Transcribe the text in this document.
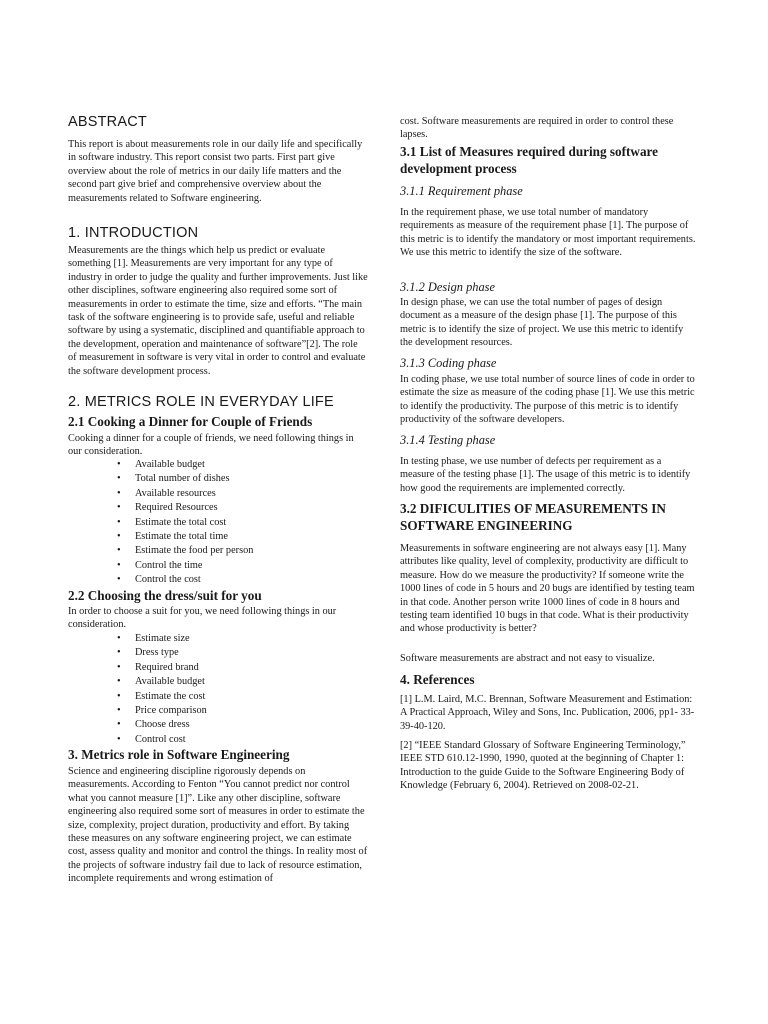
ABSTRACT

This report is about measurements role in our daily life and specifically in software industry. This report consist two parts. First part give overview about the role of metrics in our daily life matters and the second part give brief and comprehensive overview about the measurements related to Software engineering.

1. INTRODUCTION

Measurements are the things which help us predict or evaluate something [1]. Measurements are very important for any type of industry in order to judge the quality and further improvements. Just like other disciplines, software engineering also required some sort of measurements in order to estimate the time, size and efforts. “The main task of the software engineering is to provide safe, useful and reliable software by using a systematic, disciplined and quantifiable approach to the development, operation and maintenance of software”[2]. The role of measurement in software is very vital in order to control and evaluate the software development process.

2. METRICS ROLE IN EVERYDAY LIFE
2.1 Cooking a Dinner for Couple of Friends

Cooking a dinner for a couple of friends, we need following things in our consideration.

• Available budget
• Total number of dishes
• Available resources
• Required Resources
• Estimate the total cost
• Estimate the total time
• Estimate the food per person
• Control the time
• Control the cost
2.2 Choosing the dress/suit for you

In order to choose a suit for you, we need following things in our consideration.

• Estimate size
• Dress type
• Required brand
• Available budget
• Estimate the cost
• Price comparison
• Choose dress
• Control cost
3. Metrics role in Software Engineering

Science and engineering discipline rigorously depends on measurements. According to Fenton “You cannot predict nor control what you cannot measure [1]”. Like any other discipline, software engineering also required some sort of measures in order to estimate the size, complexity, project duration, productivity and effort. By taking these measures on any software engineering project, we can estimate cost, assess quality and monitor and control the things. In reality most of the projects of software industry fail due to lack of resource estimation, incomplete requirements and wrong estimation of

cost. Software measurements are required in order to control these lapses.

3.1 List of Measures required during software development process
3.1.1 Requirement phase

In the requirement phase, we use total number of mandatory requirements as measure of the requirement phase [1]. The purpose of this metric is to identify the mandatory or most important requirements. We use this metric to identify the size of the software.

3.1.2 Design phase

In design phase, we can use the total number of pages of design document as a measure of the design phase [1]. The purpose of this metric is to identify the size of project. We use this metric to identify the development resources.

3.1.3 Coding phase

In coding phase, we use total number of source lines of code in order to estimate the size as measure of the coding phase [1]. We use this metric to identify the productivity. The purpose of this metric is to identify productivity of the software developers.

3.1.4 Testing phase

In testing phase, we use number of defects per requirement as a measure of the testing phase [1]. The usage of this metric is to identify how good the requirements are implemented correctly.

3.2 DIFICULITIES OF MEASUREMENTS IN SOFTWARE ENGINEERING

Measurements in software engineering are not always easy [1]. Many attributes like quality, level of complexity, productivity are difficult to measure. How do we measure the productivity? If someone write the 1000 lines of code in 5 hours and 20 bugs are identified by testing team in that code. Another person write 1000 lines of code in 8 hours and testing team identified 10 bugs in that code. What is their productivity and whose productivity is better?

Software measurements are abstract and not easy to visualize.

4. References

[1] L.M. Laird, M.C. Brennan, Software Measurement and Estimation: A Practical Approach, Wiley and Sons, Inc. Publication, 2006, pp1- 33-39-40-120.

[2] “IEEE Standard Glossary of Software Engineering Terminology,” IEEE STD 610.12-1990, 1990, quoted at the beginning of Chapter 1: Introduction to the guide Guide to the Software Engineering Body of Knowledge (February 6, 2004). Retrieved on 2008-02-21.
